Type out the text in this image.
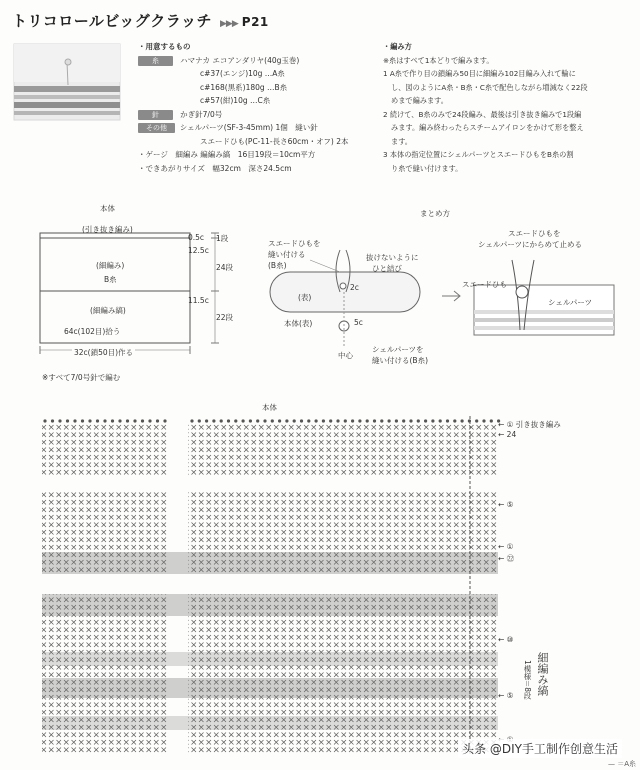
トリコロールビッグクラッチ ▶▶▶ P21
・用意するもの
糸	ハマナカ エコアンダリヤ(40g玉巻)
c#37(エンジ)10g …A糸
c#168(黒系)180g …B糸
c#57(紺)10g …C糸
針	かぎ針7/0号
その他 シェルパーツ(SF-3-45mm) 1個　縫い針
スエードひも(PC-11-長さ60cm・オフ) 2本
・ゲージ　細編み 編編み縞　16目19段＝10cm平方
・できあがりサイズ　幅32cm　深さ24.5cm
・編み方
※糸はすべて1本どりで編みます。
1 A糸で作り目の鎖編み50目に細編み102目編み入れて輪に
し、図のようにA糸・B糸・C糸で配色しながら増減なく22段
めまで編みます。
2 続けて、B糸のみで24段編み、最後は引き抜き編みで1段編
みます。編み終わったらスチームアイロンをかけて形を整え
ます。
3 本体の指定位置にシェルパーツとスエードひもをB糸の割
り糸で縫い付けます。
本体
(引き抜き編み)
(細編み)
B糸
(細編み縞)
64c(102目)拾う
32c(鎖50目)作る
0.5c 1段
12.5c
24段
11.5c
22段
※すべて7/0号針で編む
まとめ方
スエードひもを
縫い付ける
(B糸)
抜けないように
ひと結び
2c
(表)
本体(表)	5c
中心
シェルパーツを
縫い付ける(B糸)
スエードひもを
シェルパーツにからめて止める
スエードひも
シェルパーツ
本体
← ① 引き抜き編み
← 24
← ⑤
← ①
← ㉒
← ⑩
← ⑤ 細編み縞
1模様＝8段
头条 @DIY手工制作创意生活
— ＝A糸
